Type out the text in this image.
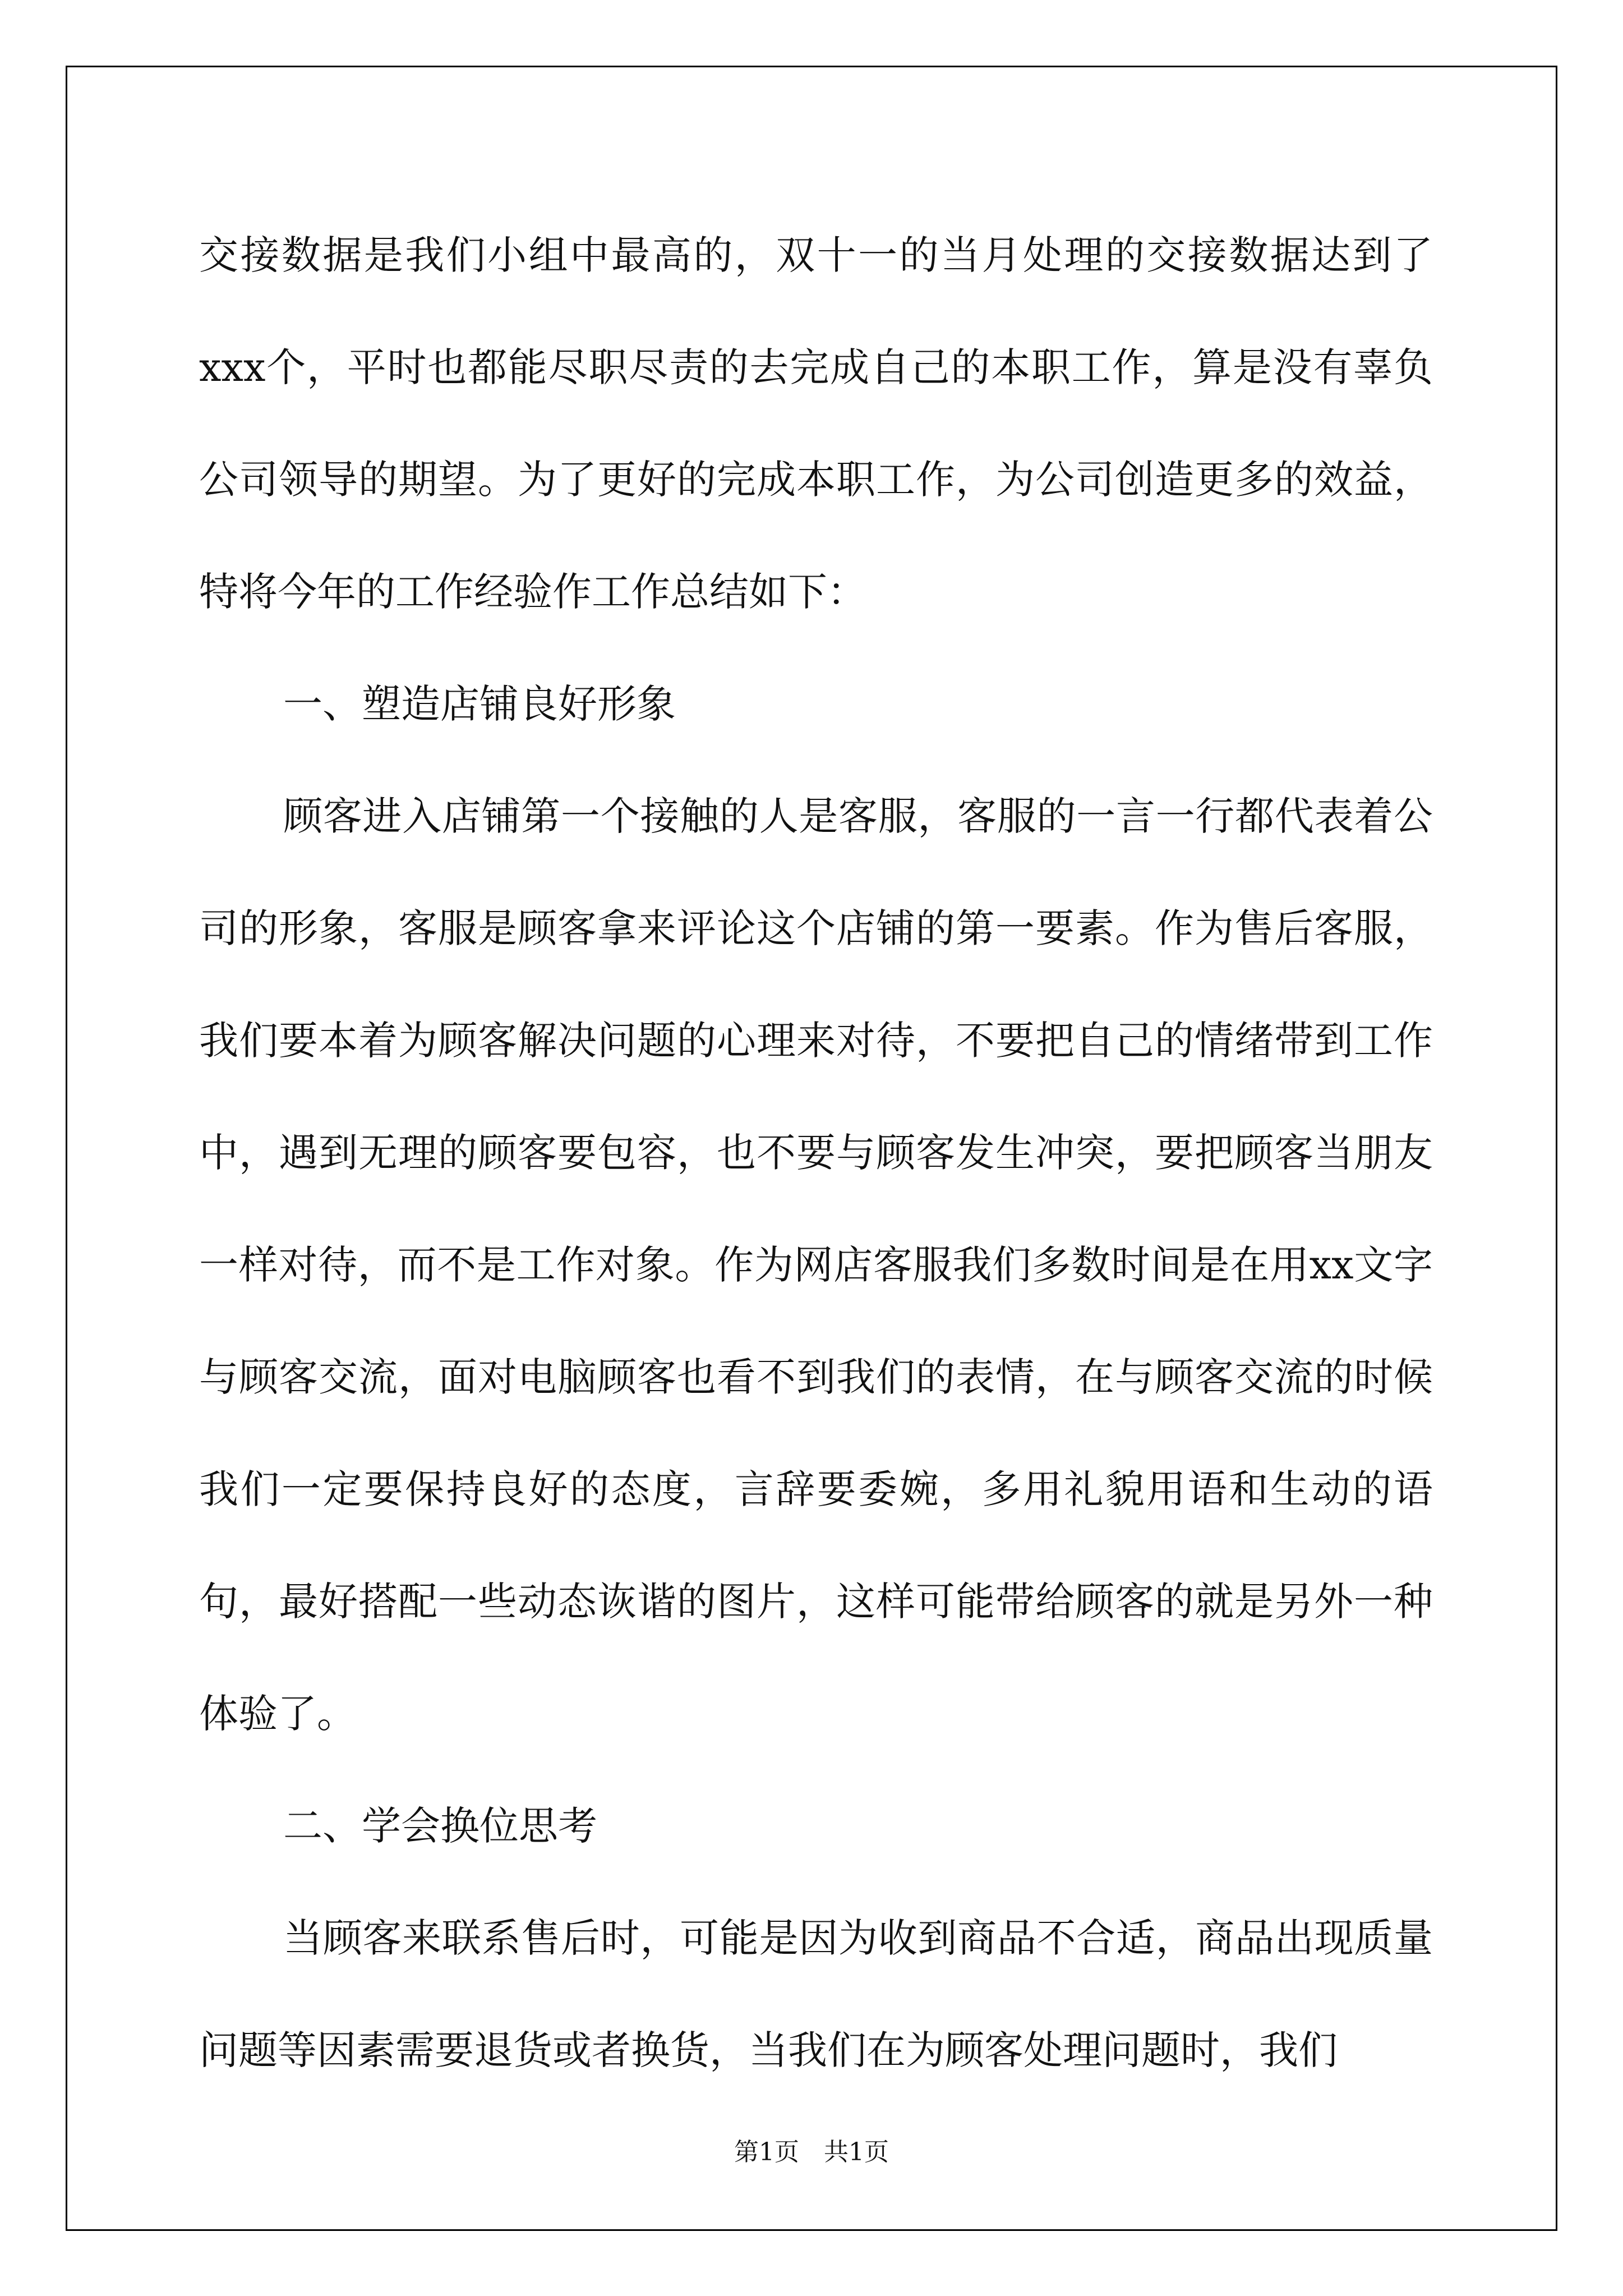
交接数据是我们小组中最高的，双十一的当月处理的交接数据达到了xxx个，平时也都能尽职尽责的去完成自己的本职工作，算是没有辜负公司领导的期望。为了更好的完成本职工作，为公司创造更多的效益，特将今年的工作经验作工作总结如下：

一、塑造店铺良好形象

顾客进入店铺第一个接触的人是客服，客服的一言一行都代表着公司的形象，客服是顾客拿来评论这个店铺的第一要素。作为售后客服，我们要本着为顾客解决问题的心理来对待，不要把自己的情绪带到工作中，遇到无理的顾客要包容，也不要与顾客发生冲突，要把顾客当朋友一样对待，而不是工作对象。作为网店客服我们多数时间是在用xx文字与顾客交流，面对电脑顾客也看不到我们的表情，在与顾客交流的时候我们一定要保持良好的态度，言辞要委婉，多用礼貌用语和生动的语句，最好搭配一些动态诙谐的图片，这样可能带给顾客的就是另外一种体验了。

二、学会换位思考

当顾客来联系售后时，可能是因为收到商品不合适，商品出现质量问题等因素需要退货或者换货，当我们在为顾客处理问题时，我们

第1页　共1页
